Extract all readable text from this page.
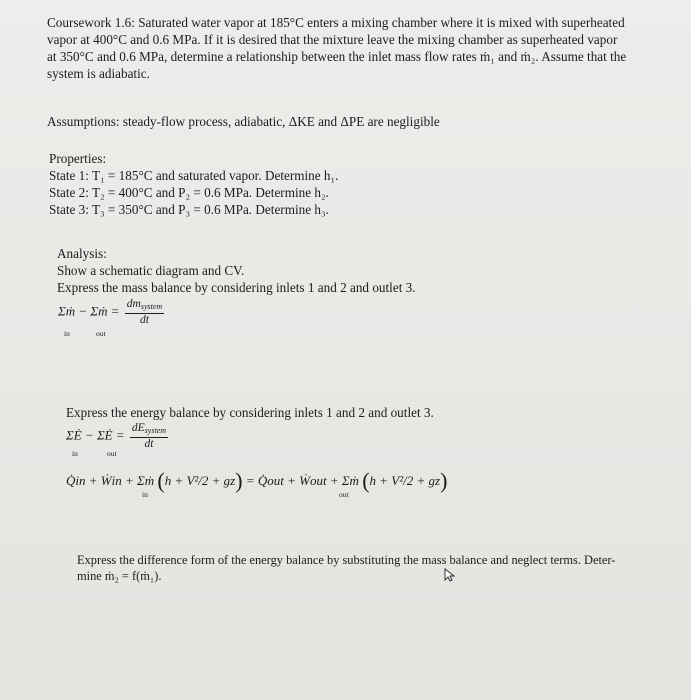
Coursework 1.6: Saturated water vapor at 185°C enters a mixing chamber where it is mixed with superheated

vapor at 400°C and 0.6 MPa. If it is desired that the mixture leave the mixing chamber as superheated vapor

at 350°C and 0.6 MPa, determine a relationship between the inlet mass flow rates ṁ₁ and ṁ₂. Assume that the

system is adiabatic.

Assumptions: steady-flow process, adiabatic, ΔKE and ΔPE are negligible
Properties:
State 1: T₁ = 185°C and saturated vapor. Determine h₁.
State 2: T₂ = 400°C and P₂ = 0.6 MPa. Determine h₂.
State 3: T₃ = 350°C and P₃ = 0.6 MPa. Determine h₃.
Analysis:
Show a schematic diagram and CV.
Express the mass balance by considering inlets 1 and 2 and outlet 3.
Σṁ − Σṁ = $\frac{\text{dmsystem}}{dt}$
in	out
Express the energy balance by considering inlets 1 and 2 and outlet 3.
ΣĖ − ΣĖ = $\frac{\text{dEsystem}}{dt}$
in	out
Q̇in + Ẇin + Σṁ (h + V²/2 + gz) = Q̇out + Ẇout + Σṁ (h + V²/2 + gz)
in	out
Express the difference form of the energy balance by substituting the mass balance and neglect terms. Deter-
mine ṁ₂ = f(ṁ₁).
